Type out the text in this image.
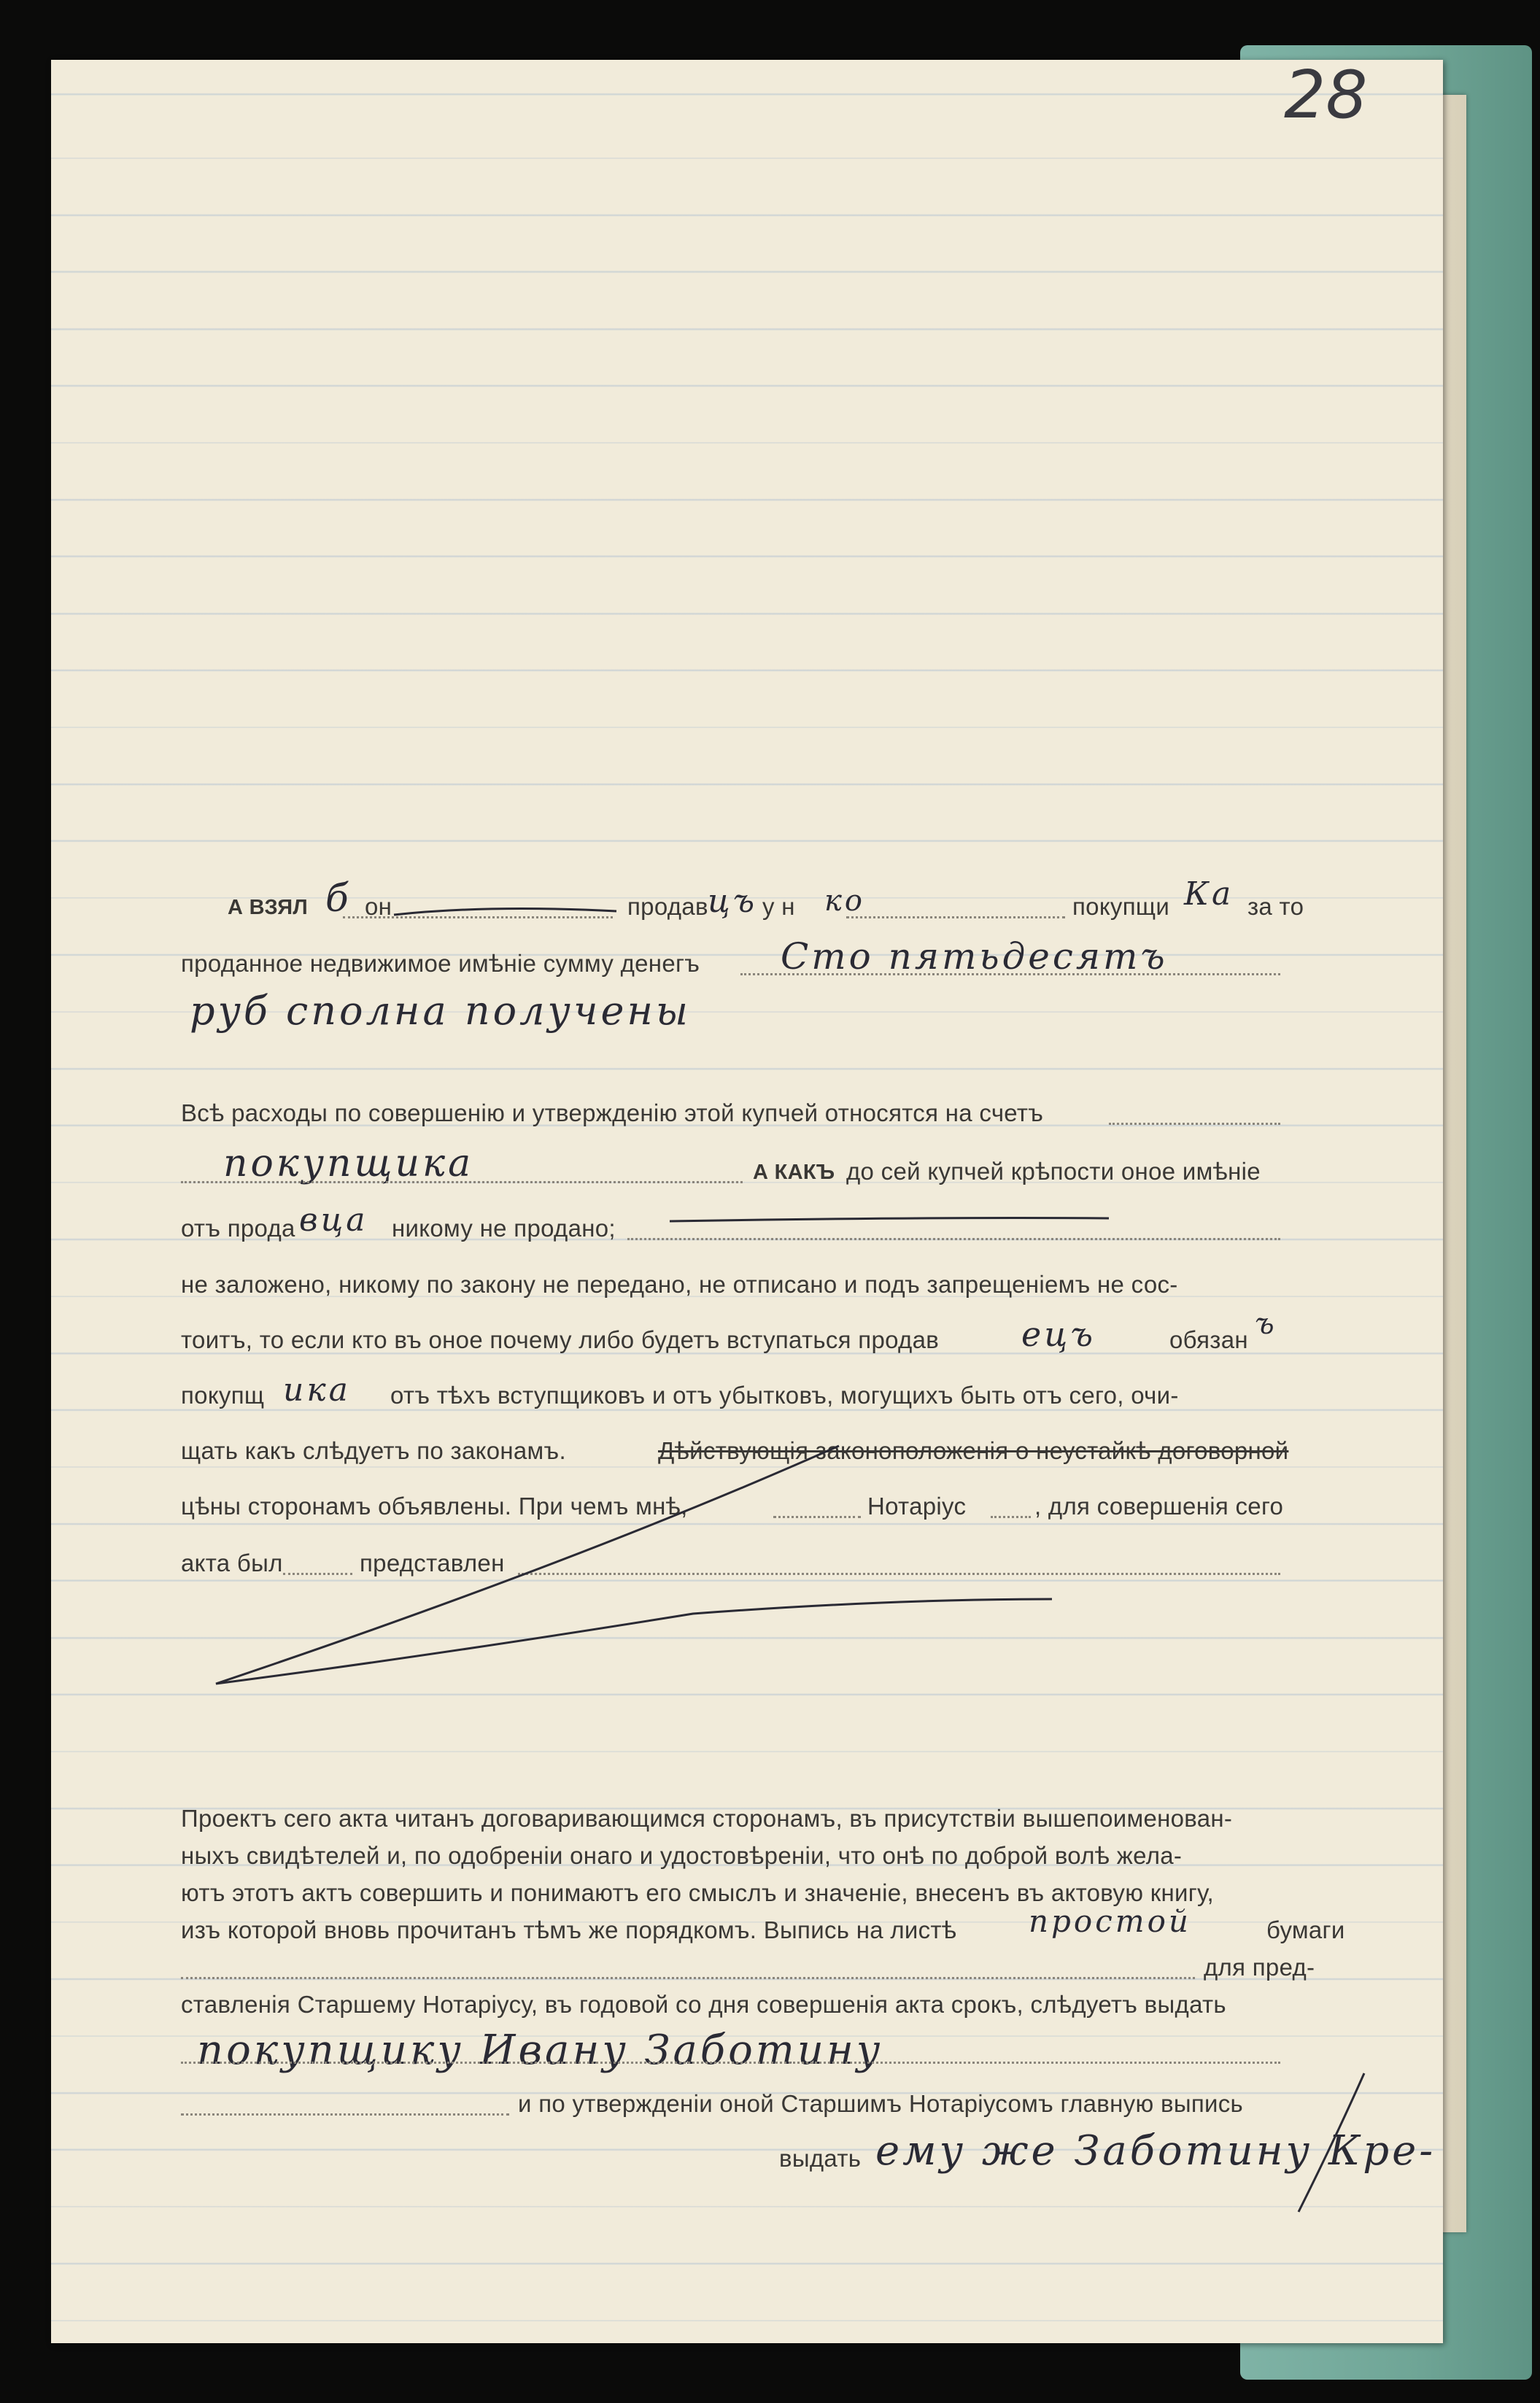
28
А ВЗЯЛ б он	продав цъ у н ко	покупщи Ка за то
проданное недвижимое имѣніе сумму денегъ Сто пятьдесятъ
руб сполна получены
Всѣ расходы по совершенію и утвержденію этой купчей относятся на счетъ
покупщика	А КАКЪ до сей купчей крѣпости оное имѣніе
отъ прода вца никому не продано;
не заложено, никому по закону не передано, не отписано и подъ запрещеніемъ не сос-
тоитъ, то если кто въ оное почему либо будетъ вступаться продав ецъ	обязан ъ
покупщ ика отъ тѣхъ вступщиковъ и отъ убытковъ, могущихъ быть отъ сего, очи-
щать какъ слѣдуетъ по законамъ.	Дѣйствующія законоположенія о неустайкѣ договорной
цѣны сторонамъ объявлены. При чемъ мнѣ,	Нотаріус	, для совершенія сего
акта был	представлен
Проектъ сего акта читанъ договаривающимся сторонамъ, въ присутствіи вышепоименован-
ныхъ свидѣтелей и, по одобреніи онаго и удостовѣреніи, что онѣ по доброй волѣ жела-
ютъ этотъ актъ совершить и понимаютъ его смыслъ и значеніе, внесенъ въ актовую книгу,
изъ которой вновь прочитанъ тѣмъ же порядкомъ. Выпись на листѣ простой	бумаги
для пред-
ставленія Старшему Нотаріусу, въ годовой со дня совершенія акта срокъ, слѣдуетъ выдать
покупщику Ивану Заботину
и по утвержденіи оной Старшимъ Нотаріусомъ главную выпись
выдать ему же Заботину Кре-
